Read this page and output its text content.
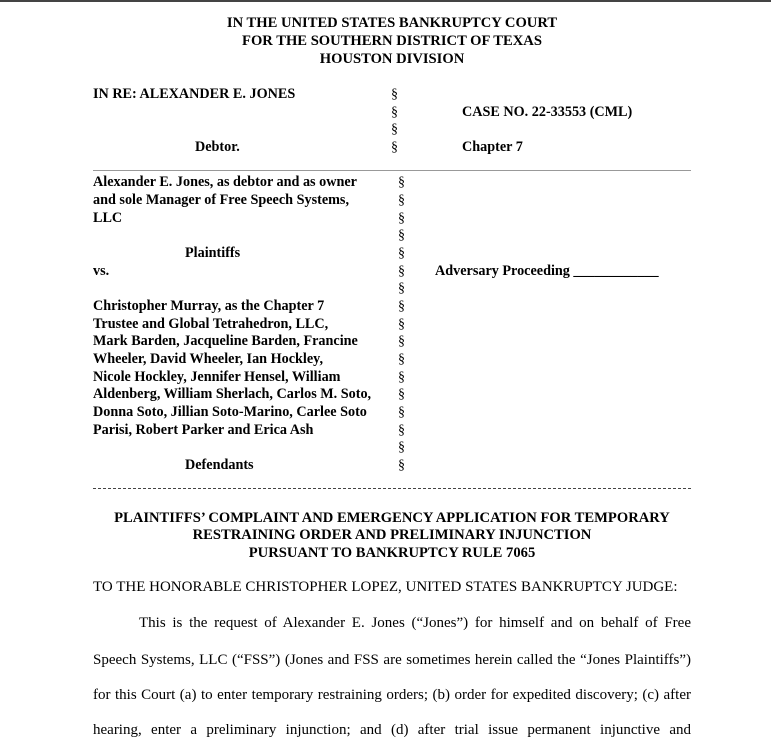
IN THE UNITED STATES BANKRUPTCY COURT
FOR THE SOUTHERN DISTRICT OF TEXAS
HOUSTON DIVISION
IN RE: ALEXANDER E. JONES
Debtor.
§
§
§
§
CASE NO. 22-33553 (CML)
Chapter 7
Alexander E. Jones, as debtor and as owner
and sole Manager of Free Speech Systems,
LLC
Plaintiffs
vs.	Adversary Proceeding ____________
Christopher Murray, as the Chapter 7
Trustee and Global Tetrahedron, LLC,
Mark Barden, Jacqueline Barden, Francine
Wheeler, David Wheeler, Ian Hockley,
Nicole Hockley, Jennifer Hensel, William
Aldenberg, William Sherlach, Carlos M. Soto,
Donna Soto, Jillian Soto-Marino, Carlee Soto
Parisi, Robert Parker and Erica Ash
Defendants
§
§
§
§
§
§
§
§
§
§
§
§
§
§
§
§
§
PLAINTIFFS’ COMPLAINT AND EMERGENCY APPLICATION FOR TEMPORARY
RESTRAINING ORDER AND PRELIMINARY INJUNCTION
PURSUANT TO BANKRUPTCY RULE 7065
TO THE HONORABLE CHRISTOPHER LOPEZ, UNITED STATES BANKRUPTCY JUDGE:
This is the request of Alexander E. Jones (“Jones”) for himself and on behalf of Free
Speech Systems, LLC (“FSS”) (Jones and FSS are sometimes herein called the “Jones Plaintiffs”)
for this Court (a) to enter temporary restraining orders; (b) order for expedited discovery; (c) after
hearing, enter a preliminary injunction; and (d) after trial issue permanent injunctive and
